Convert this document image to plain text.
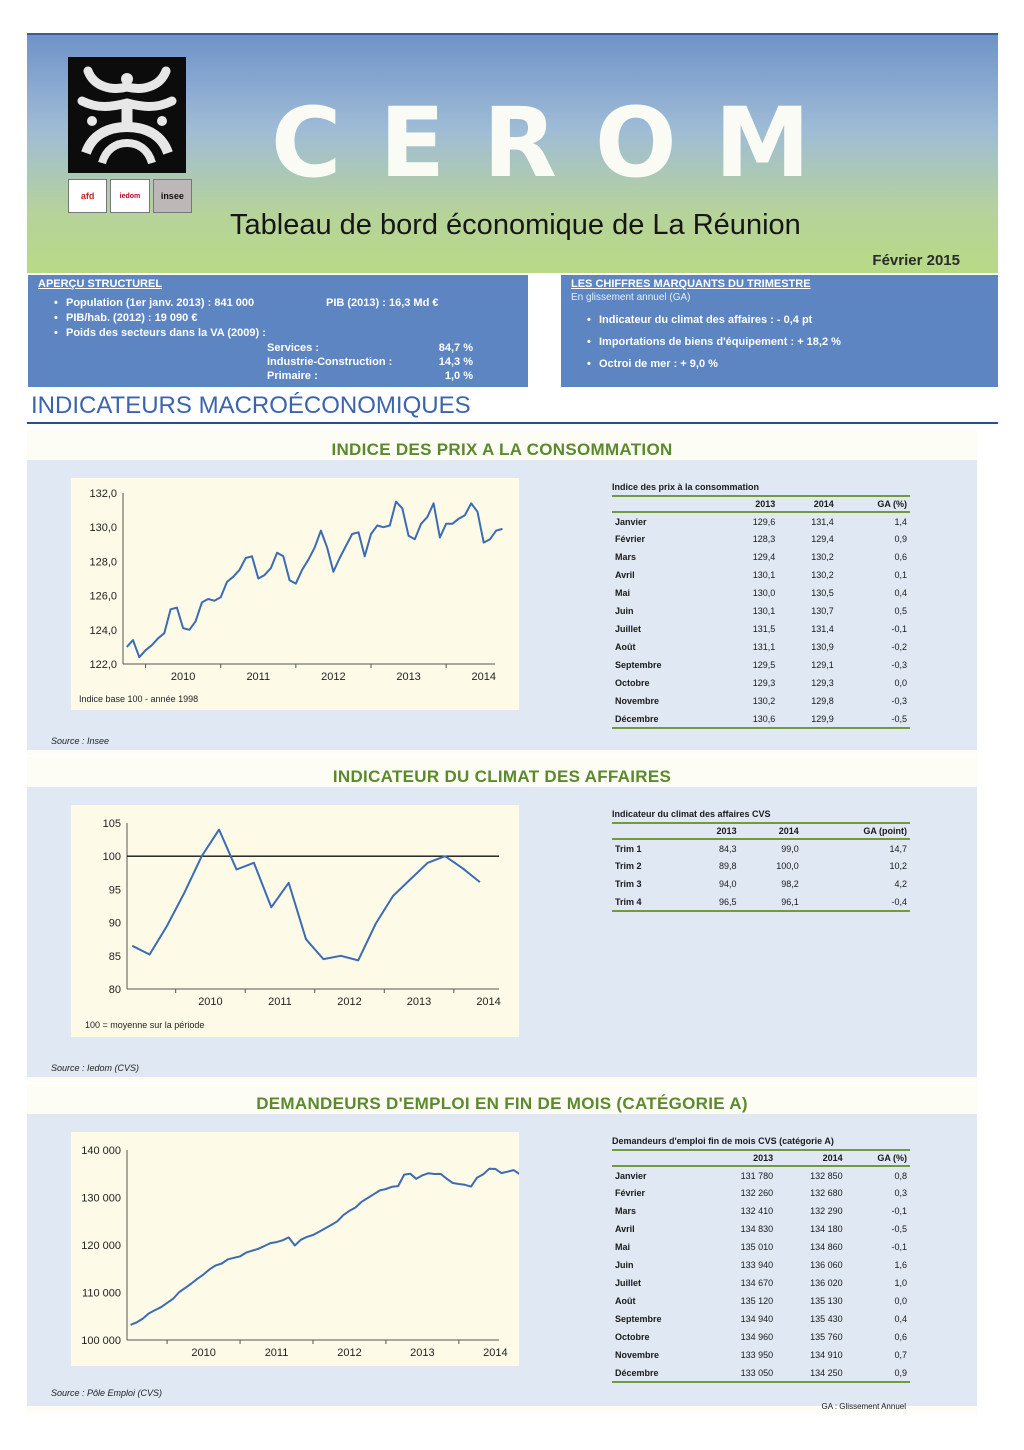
afd	iedom	insee CEROM
Tableau de bord économique de La Réunion
Février 2015
APERÇU STRUCTUREL
• Population (1er janv. 2013) : 841 000	PIB (2013) : 16,3 Md €
• PIB/hab. (2012) : 19 090 €
• Poids des secteurs dans la VA (2009) :
Services :	84,7 %
Industrie-Construction :	14,3 %
Primaire :	1,0 %
LES CHIFFRES MARQUANTS DU TRIMESTRE
En glissement annuel (GA)
• Indicateur du climat des affaires : - 0,4 pt
• Importations de biens d'équipement : + 18,2 %
• Octroi de mer : + 9,0 %
INDICATEURS MACROÉCONOMIQUES
INDICE DES PRIX A LA CONSOMMATION
122,0
124,0
126,0
128,0
130,0
132,0
2010	2011	2012	2013	2014
Indice base 100 - année 1998
Source : Insee
Indice des prix à la consommation
	2013	2014	GA (%)
Janvier	129,6	131,4	1,4
Février	128,3	129,4	0,9
Mars	129,4	130,2	0,6
Avril	130,1	130,2	0,1
Mai	130,0	130,5	0,4
Juin	130,1	130,7	0,5
Juillet	131,5	131,4	-0,1
Août	131,1	130,9	-0,2
Septembre	129,5	129,1	-0,3
Octobre	129,3	129,3	0,0
Novembre	130,2	129,8	-0,3
Décembre	130,6	129,9	-0,5
INDICATEUR DU CLIMAT DES AFFAIRES
80
85
90
95
100
105
2010	2011	2012	2013	2014
100 = moyenne sur la période
Source : Iedom (CVS)
Indicateur du climat des affaires CVS
	2013	2014	GA (point)
Trim 1	84,3	99,0	14,7
Trim 2	89,8	100,0	10,2
Trim 3	94,0	98,2	4,2
Trim 4	96,5	96,1	-0,4
DEMANDEURS D'EMPLOI EN FIN DE MOIS (CATÉGORIE A)
100 000
110 000
120 000
130 000
140 000
2010	2011	2012	2013	2014
Source : Pôle Emploi (CVS)
Demandeurs d'emploi fin de mois CVS (catégorie A)
	2013	2014	GA (%)
Janvier	131 780	132 850	0,8
Février	132 260	132 680	0,3
Mars	132 410	132 290	-0,1
Avril	134 830	134 180	-0,5
Mai	135 010	134 860	-0,1
Juin	133 940	136 060	1,6
Juillet	134 670	136 020	1,0
Août	135 120	135 130	0,0
Septembre	134 940	135 430	0,4
Octobre	134 960	135 760	0,6
Novembre	133 950	134 910	0,7
Décembre	133 050	134 250	0,9
GA : Glissement Annuel
